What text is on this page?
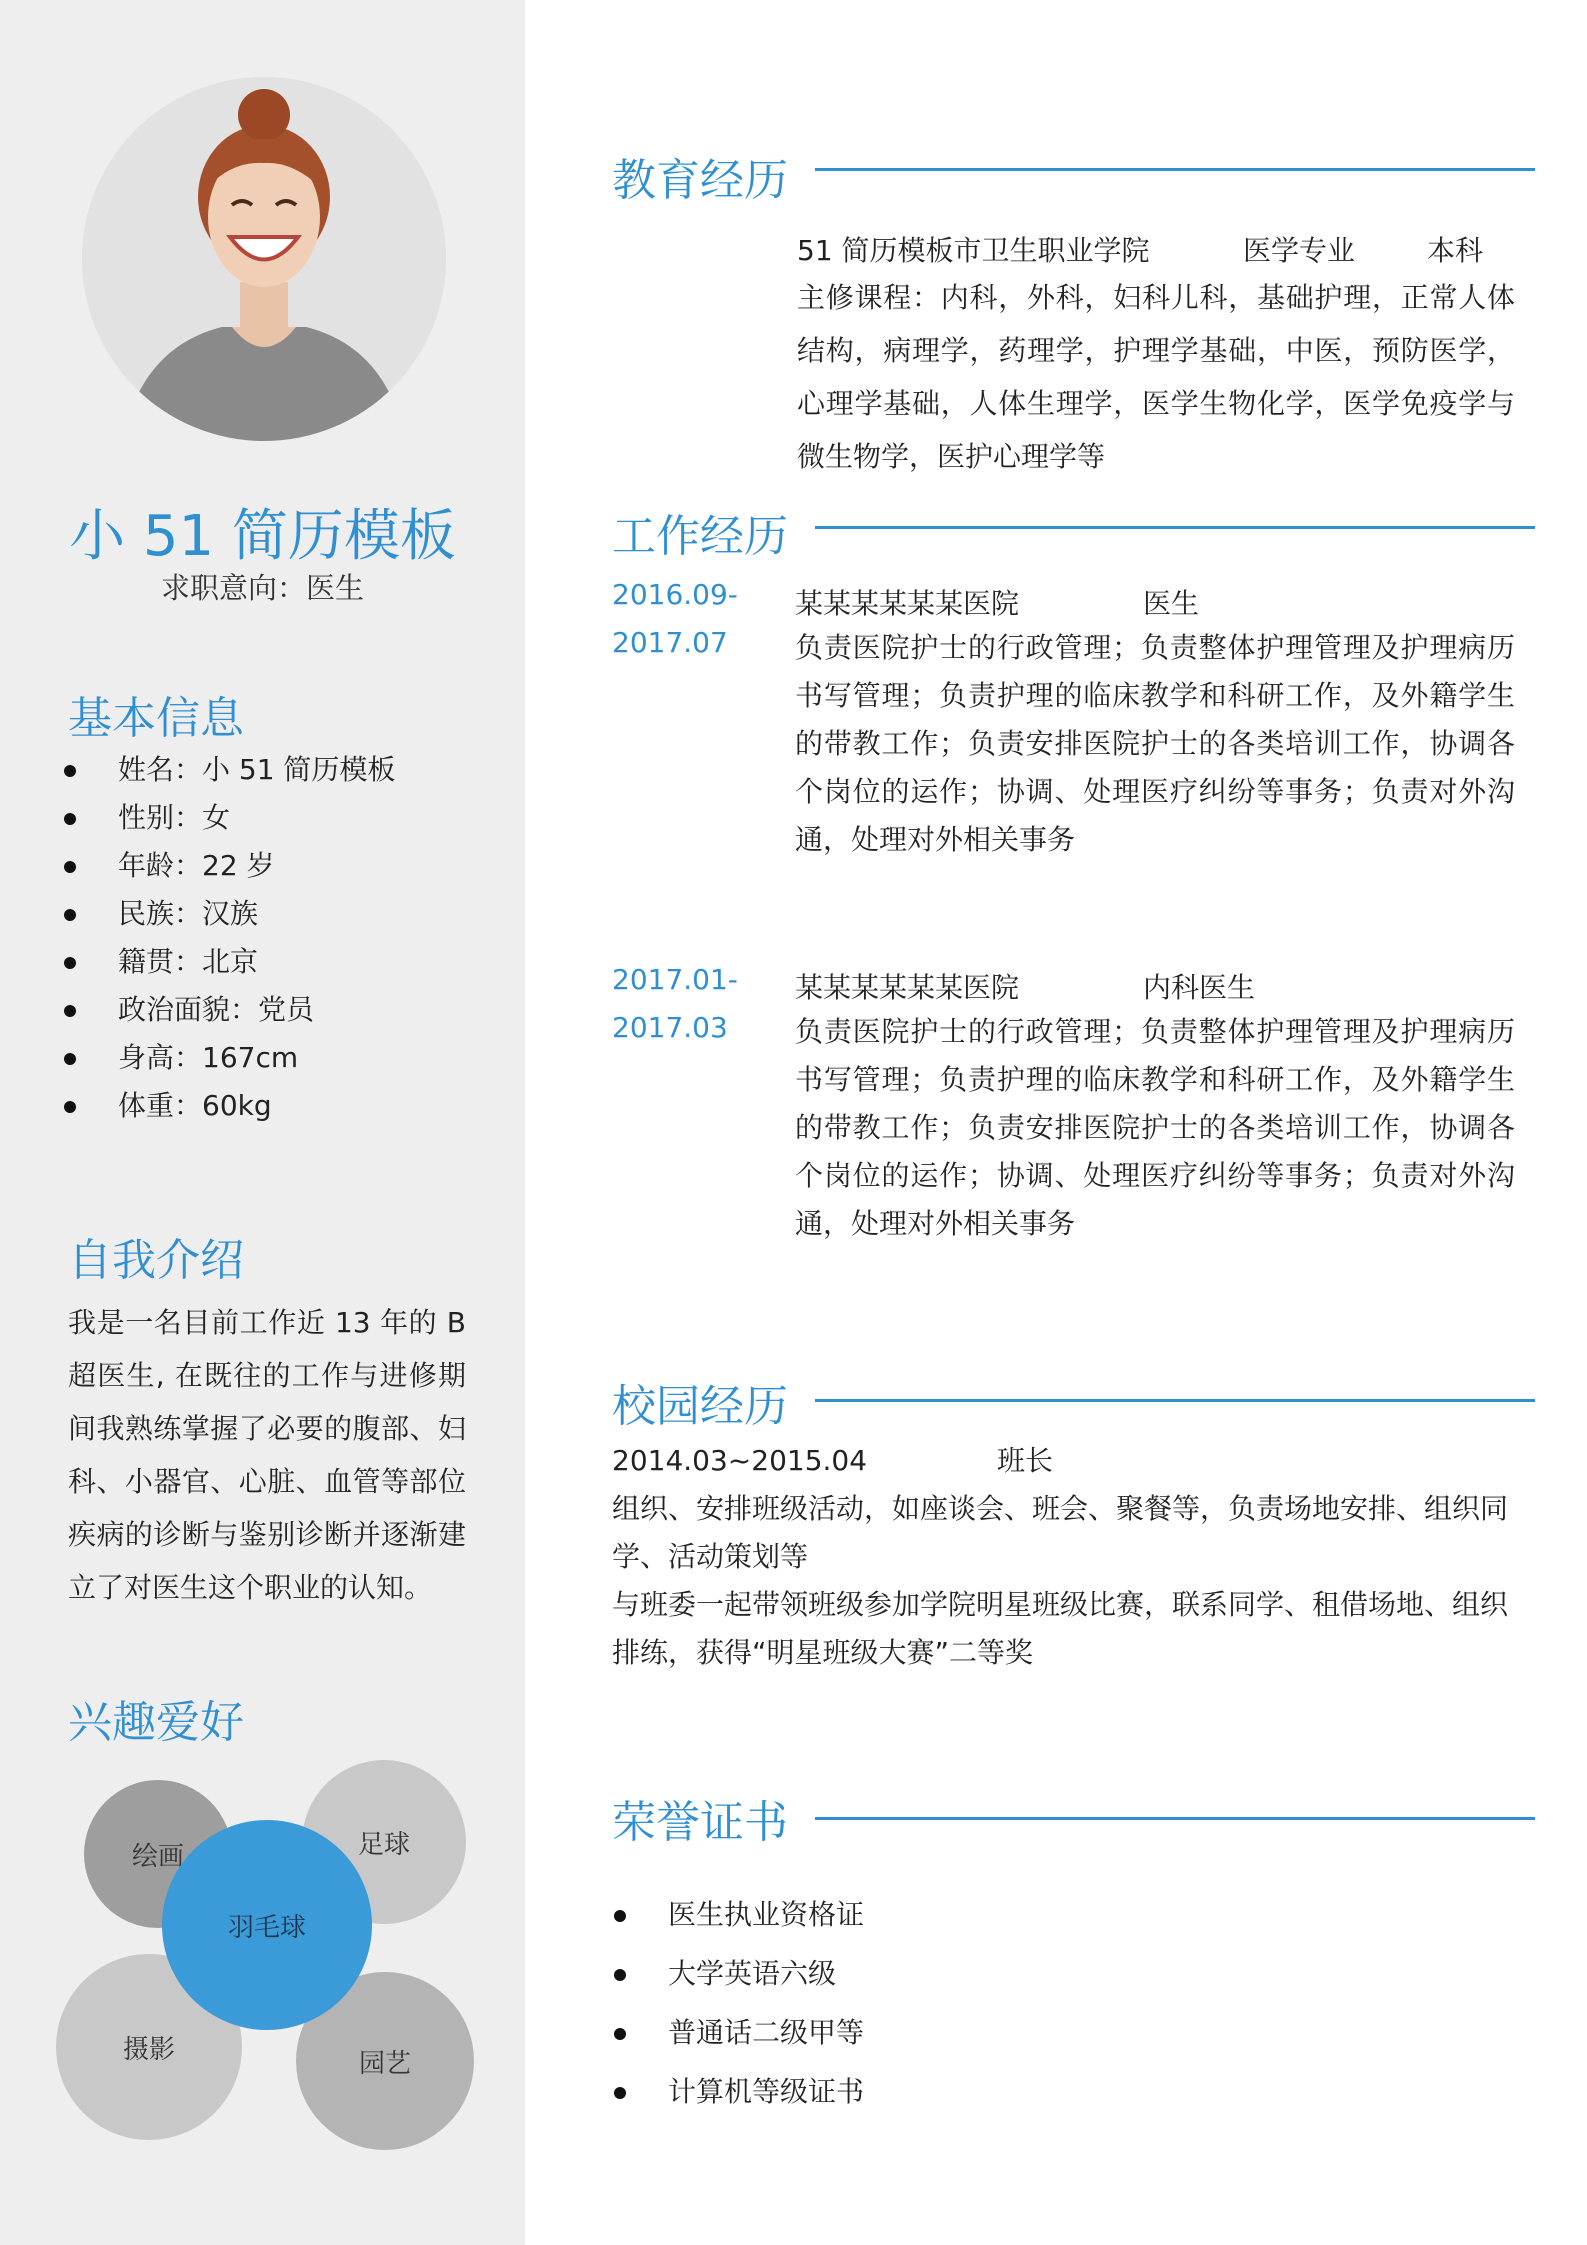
小 51 简历模板
求职意向：医生
基本信息
姓名：小 51 简历模板
性别：女
年龄：22 岁
民族：汉族
籍贯：北京
政治面貌：党员
身高：167cm
体重：60kg
自我介绍
我是一名目前工作近 13 年的 B 超医生, 在既往的工作与进修期间我熟练掌握了必要的腹部、妇科、小器官、心脏、血管等部位疾病的诊断与鉴别诊断并逐渐建立了对医生这个职业的认知。
兴趣爱好
绘画	足球
摄影	园艺
羽毛球
教育经历
51 简历模板市卫生职业学院	医学专业	本科
主修课程：内科，外科，妇科儿科，基础护理，正常人体结构，病理学，药理学，护理学基础，中医，预防医学，心理学基础，人体生理学，医学生物化学，医学免疫学与微生物学，医护心理学等
工作经历
2016.09-
2017.07
某某某某某某医院	医生
负责医院护士的行政管理；负责整体护理管理及护理病历书写管理；负责护理的临床教学和科研工作，及外籍学生的带教工作；负责安排医院护士的各类培训工作，协调各个岗位的运作；协调、处理医疗纠纷等事务；负责对外沟通，处理对外相关事务
2017.01-
2017.03
某某某某某某医院	内科医生
负责医院护士的行政管理；负责整体护理管理及护理病历书写管理；负责护理的临床教学和科研工作，及外籍学生的带教工作；负责安排医院护士的各类培训工作，协调各个岗位的运作；协调、处理医疗纠纷等事务；负责对外沟通，处理对外相关事务
校园经历
2014.03~2015.04	班长
组织、安排班级活动，如座谈会、班会、聚餐等，负责场地安排、组织同学、活动策划等
与班委一起带领班级参加学院明星班级比赛，联系同学、租借场地、组织排练，获得“明星班级大赛”二等奖
荣誉证书
医生执业资格证
大学英语六级
普通话二级甲等
计算机等级证书
